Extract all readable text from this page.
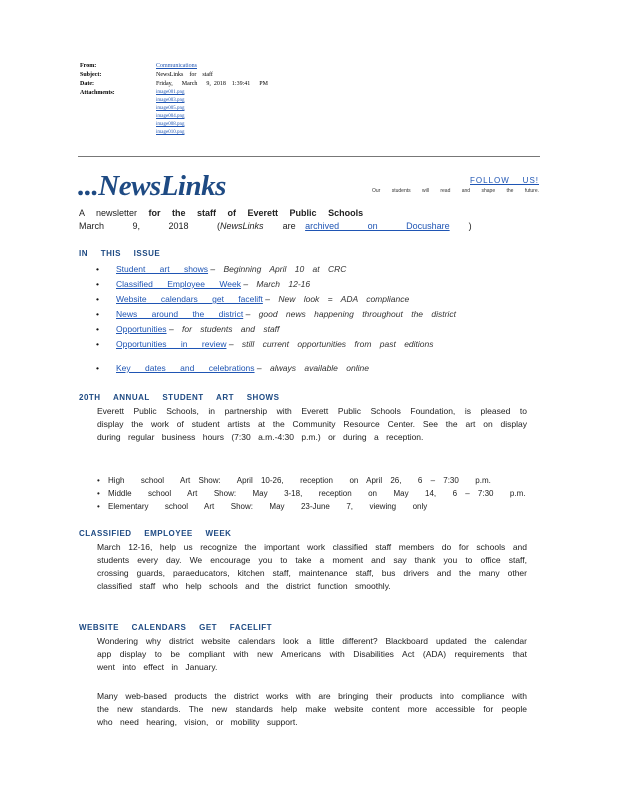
From:	Communications
Subject:	NewsLinks    for    staff
Date:	Friday,      March      9,  2018    1:39:41      PM
Attachments:	image001.png
image003.png
image005.png
image004.png
image008.png
image010.png
...NewsLinks	FOLLOW    US!
Our students will read and shape the future.
A newsletter for the staff of Everett Public Schools
March   9,   2018   (NewsLinks  are archived   on   Docushare  )
IN THIS ISSUE
• Student art shows – Beginning April 10 at CRC
• Classified Employee Week – March 12-16
• Website calendars get facelift – New look = ADA compliance
• News around the district – good news happening throughout the district
• Opportunities – for students and staff
• Opportunities in review – still current opportunities from past editions
• Key dates and celebrations – always available online
20TH ANNUAL STUDENT ART SHOWS
Everett Public Schools, in partnership with Everett Public Schools Foundation, is pleased to display the work of student artists at the Community Resource Center. See the art on display during regular business hours (7:30 a.m.-4:30 p.m.) or during a reception.
• High  school  Art Show:  April 10-26,  reception  on April 26,  6 – 7:30  p.m.
• Middle  school  Art  Show:  May  3-18,  reception  on  May  14,  6 – 7:30  p.m.
• Elementary  school  Art  Show:  May  23-June  7,  viewing  only
CLASSIFIED EMPLOYEE WEEK
March 12-16, help us recognize the important work classified staff members do for schools and students every day. We encourage you to take a moment and say thank you to office staff, crossing guards, paraeducators, kitchen staff, maintenance staff, bus drivers and the many other classified staff who help schools and the district function smoothly.
WEBSITE CALENDARS GET FACELIFT
Wondering why district website calendars look a little different? Blackboard updated the calendar app display to be compliant with new Americans with Disabilities Act (ADA) requirements that went into effect in January.
Many web-based products the district works with are bringing their products into compliance with the new standards. The new standards help make website content more accessible for people who need hearing, vision, or mobility support.
